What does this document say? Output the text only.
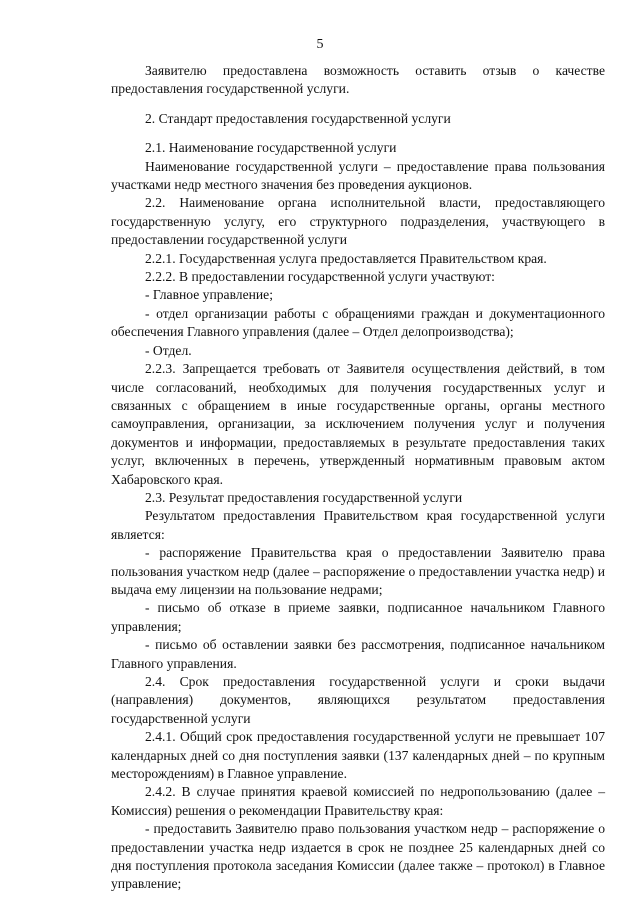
5

Заявителю предоставлена возможность оставить отзыв о качестве предоставления государственной услуги.

2. Стандарт предоставления государственной услуги

2.1. Наименование государственной услуги

Наименование государственной услуги – предоставление права пользования участками недр местного значения без проведения аукционов.

2.2. Наименование органа исполнительной власти, предоставляющего государственную услугу, его структурного подразделения, участвующего в предоставлении государственной услуги

2.2.1. Государственная услуга предоставляется Правительством края.

2.2.2. В предоставлении государственной услуги участвуют:

- Главное управление;

- отдел организации работы с обращениями граждан и документационного обеспечения Главного управления (далее – Отдел делопроизводства);

- Отдел.

2.2.3. Запрещается требовать от Заявителя осуществления действий, в том числе согласований, необходимых для получения государственных услуг и связанных с обращением в иные государственные органы, органы местного самоуправления, организации, за исключением получения услуг и получения документов и информации, предоставляемых в результате предоставления таких услуг, включенных в перечень, утвержденный нормативным правовым актом Хабаровского края.

2.3. Результат предоставления государственной услуги

Результатом предоставления Правительством края государственной услуги является:

- распоряжение Правительства края о предоставлении Заявителю права пользования участком недр (далее – распоряжение о предоставлении участка недр) и выдача ему лицензии на пользование недрами;

- письмо об отказе в приеме заявки, подписанное начальником Главного управления;

- письмо об оставлении заявки без рассмотрения, подписанное начальником Главного управления.

2.4. Срок предоставления государственной услуги и сроки выдачи (направления) документов, являющихся результатом предоставления государственной услуги

2.4.1. Общий срок предоставления государственной услуги не превышает 107 календарных дней со дня поступления заявки (137 календарных дней – по крупным месторождениям) в Главное управление.

2.4.2. В случае принятия краевой комиссией по недропользованию (далее – Комиссия) решения о рекомендации Правительству края:

- предоставить Заявителю право пользования участком недр – распоряжение о предоставлении участка недр издается в срок не позднее 25 календарных дней со дня поступления протокола заседания Комиссии (далее также – протокол) в Главное управление;
